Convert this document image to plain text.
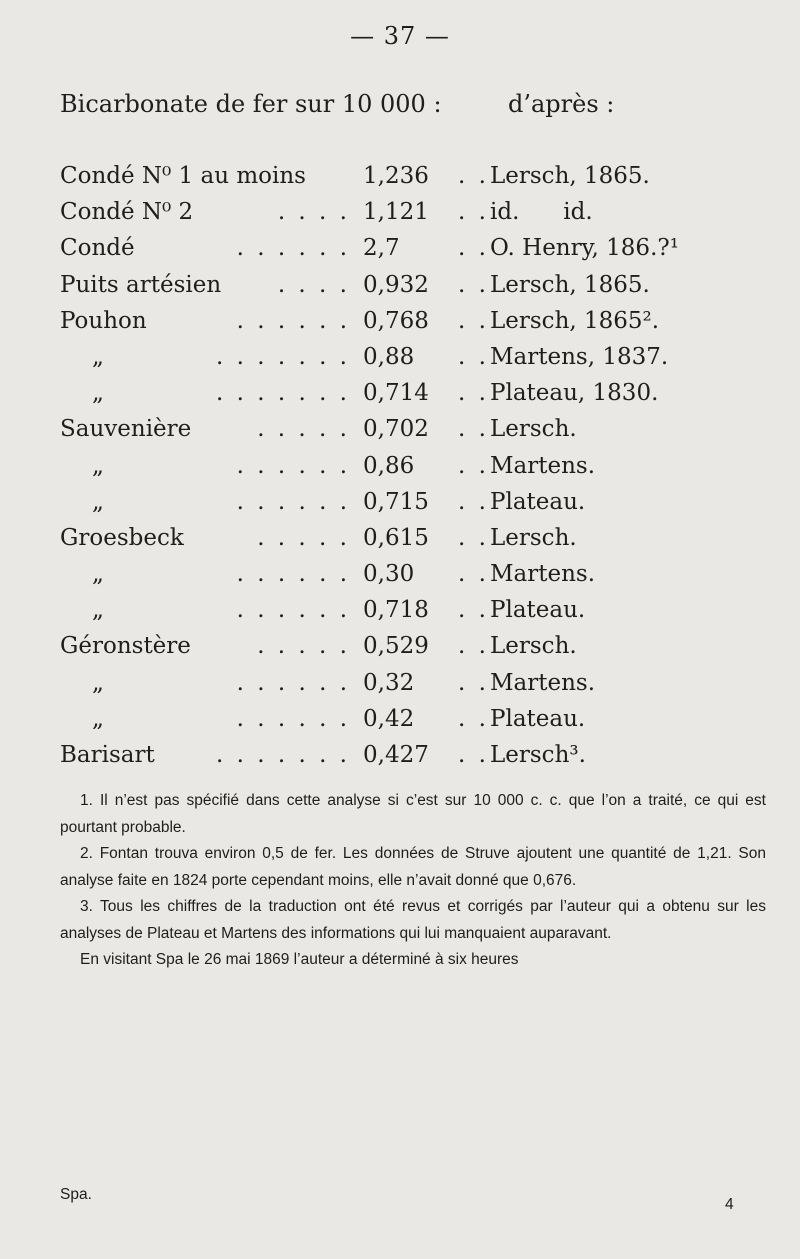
— 37 —
Bicarbonate de fer sur 10 000 :	d’après :
Condé N⁰ 1 au moins 1,236 . . Lersch, 1865.
Condé N⁰ 2	. . . . 1,121 . . id.      id.
Condé	. . . . . . 2,7	. . O. Henry, 186.?¹
Puits artésien	. . . . 0,932 . . Lersch, 1865.
Pouhon	. . . . . . 0,768 . . Lersch, 1865².
„	. . . . . . . 0,88 . . Martens, 1837.
„	. . . . . . . 0,714 . . Plateau, 1830.
Sauvenière	. . . . . 0,702 . . Lersch.
„	. . . . . . 0,86 . . Martens.
„	. . . . . . 0,715 . . Plateau.
Groesbeck	. . . . . 0,615 . . Lersch.
„	. . . . . . 0,30 . . Martens.
„	. . . . . . 0,718 . . Plateau.
Géronstère	. . . . . 0,529 . . Lersch.
„	. . . . . . 0,32 . . Martens.
„	. . . . . . 0,42 . . Plateau.
Barisart	. . . . . . . 0,427 . . Lersch³.

1. Il n’est pas spécifié dans cette analyse si c’est sur 10 000 c. c. que l’on a traité, ce qui est pourtant probable.

2. Fontan trouva environ 0,5 de fer. Les données de Struve ajoutent une quantité de 1,21. Son analyse faite en 1824 porte cependant moins, elle n’avait donné que 0,676.

3. Tous les chiffres de la traduction ont été revus et corrigés par l’auteur qui a obtenu sur les analyses de Plateau et Martens des informations qui lui manquaient auparavant.

En visitant Spa le 26 mai 1869 l’auteur a déterminé à six heures

Spa.
4
